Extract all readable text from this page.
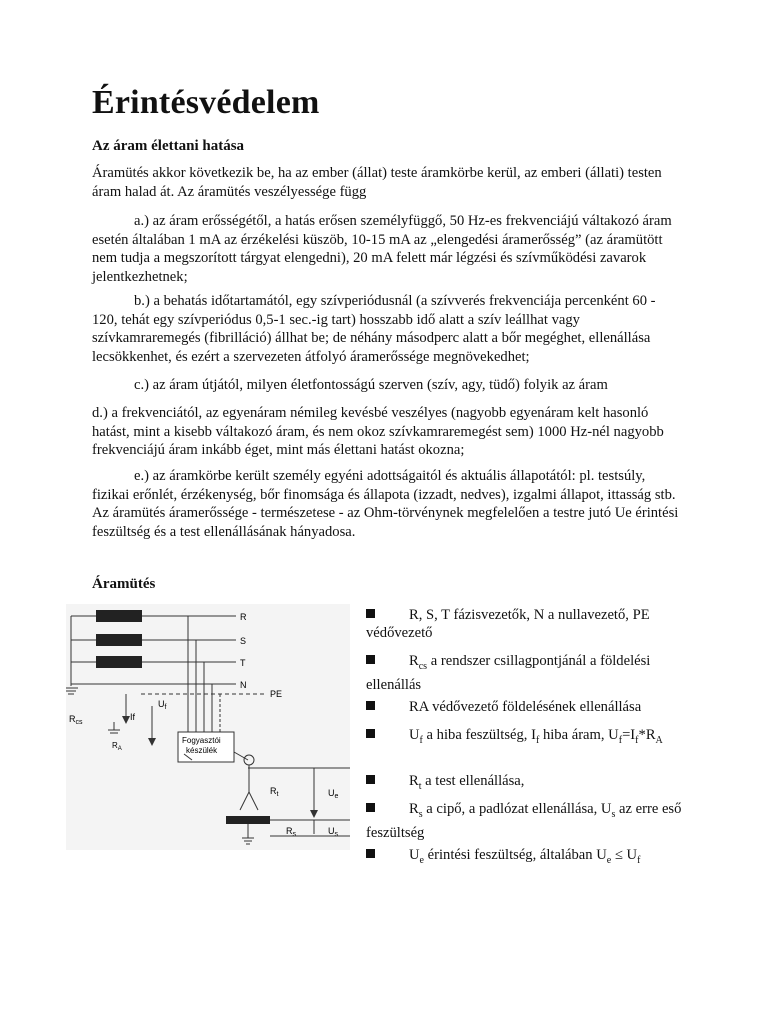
Érintésvédelem

Az áram élettani hatása

Áramütés akkor következik be, ha az ember (állat) teste áramkörbe kerül, az emberi (állati) testen áram halad át. Az áramütés veszélyessége függ

a.) az áram erősségétől, a hatás erősen személyfüggő, 50 Hz-es frekvenciájú váltakozó áram esetén általában 1 mA az érzékelési küszöb, 10-15 mA az „elengedési áramerősség” (az áramütött nem tudja a megszorított tárgyat elengedni), 20 mA felett már légzési és szívműködési zavarok jelentkezhetnek;

b.) a behatás időtartamától, egy szívperiódusnál (a szívverés frekvenciája percenként 60 - 120, tehát egy szívperiódus 0,5-1 sec.-ig tart) hosszabb idő alatt a szív leállhat vagy szívkamraremegés (fibrilláció) állhat be; de néhány másodperc alatt a bőr megéghet, ellenállása lecsökkenhet, és ezért a szervezeten átfolyó áramerőssége megnövekedhet;

c.) az áram útjától, milyen életfontosságú szerven (szív, agy, tüdő) folyik az áram

d.) a frekvenciától, az egyenáram némileg kevésbé veszélyes (nagyobb egyenáram kelt hasonló hatást, mint a kisebb váltakozó áram, és nem okoz szívkamraremegést sem) 1000 Hz-nél nagyobb frekvenciájú áram inkább éget, mint más élettani hatást okozna;

e.) az áramkörbe került személy egyéni adottságaitól és aktuális állapotától: pl. testsúly, fizikai erőnlét, érzékenység, bőr finomsága és állapota (izzadt, nedves), izgalmi állapot, ittasság stb. Az áramütés áramerőssége - természetese - az Ohm-törvénynek megfelelően a testre jutó Ue érintési feszültség és a test ellenállásának hányadosa.

Áramütés

R
S
T
N
PE
$R_{cs}$
If
$R_A$
$U_f$
Fogyasztói
készülék
$R_t$	$U_e$
$R_s$	$U_s$

R, S, T fázisvezetők, N a nullavezető, PE védővezető

$R_{cs}$ a rendszer csillagpontjánál a földelési ellenállás

RA védővezető földelésének ellenállása

$U_f$ a hiba feszültség, $I_f$ hiba áram, $U_f=I_f*R_A$

$R_t$ a test ellenállása,

$R_s$ a cipő, a padlózat ellenállása, $U_s$ az erre eső feszültség

$U_e$ érintési feszültség, általában $U_e \le U_f$
